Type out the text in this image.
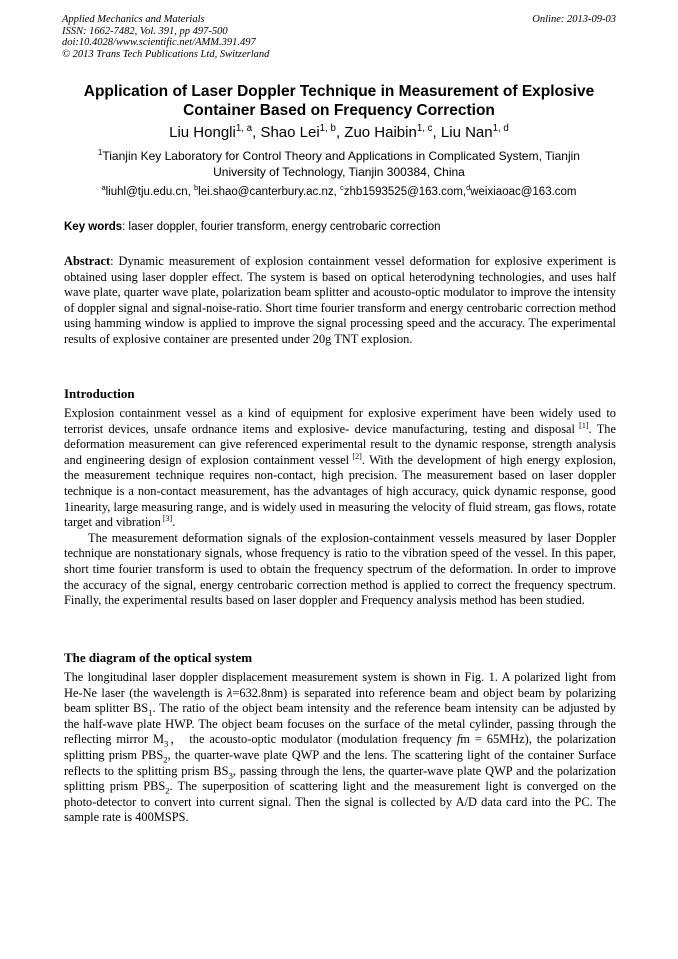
Applied Mechanics and Materials
ISSN: 1662-7482, Vol. 391, pp 497-500
doi:10.4028/www.scientific.net/AMM.391.497
© 2013 Trans Tech Publications Ltd, Switzerland
Online: 2013-09-03
Application of Laser Doppler Technique in Measurement of Explosive
Container Based on Frequency Correction
Liu Hongli$^{1, a}$, Shao Lei$^{1, b}$, Zuo Haibin$^{1, c}$, Liu Nan$^{1, d}$
$^1$Tianjin Key Laboratory for Control Theory and Applications in Complicated System, Tianjin
University of Technology, Tianjin 300384, China
$^a$liuhl@tju.edu.cn, $^b$lei.shao@canterbury.ac.nz, $^c$zhb1593525@163.com,$^d$weixiaoac@163.com
Key words: laser doppler, fourier transform, energy centrobaric correction
Abstract: Dynamic measurement of explosion containment vessel deformation for explosive experiment is obtained using laser doppler effect. The system is based on optical heterodyning technologies, and uses half wave plate, quarter wave plate, polarization beam splitter and acousto-optic modulator to improve the intensity of doppler signal and signal-noise-ratio. Short time fourier transform and energy centrobaric correction method using hamming window is applied to improve the signal processing speed and the accuracy. The experimental results of explosive container are presented under 20g TNT explosion.
Introduction

Explosion containment vessel as a kind of equipment for explosive experiment have been widely used to terrorist devices, unsafe ordnance items and explosive- device manufacturing, testing and disposal [1]. The deformation measurement can give referenced experimental result to the dynamic response, strength analysis and engineering design of explosion containment vessel [2]. With the development of high energy explosion, the measurement technique requires non-contact, high precision. The measurement based on laser doppler technique is a non-contact measurement, has the advantages of high accuracy, quick dynamic response, good 1inearity, large measuring range, and is widely used in measuring the velocity of fluid stream, gas flows, rotate target and vibration [3].

The measurement deformation signals of the explosion-containment vessels measured by laser Doppler technique are nonstationary signals, whose frequency is ratio to the vibration speed of the vessel. In this paper, short time fourier transform is used to obtain the frequency spectrum of the deformation. In order to improve the accuracy of the signal, energy centrobaric correction method is applied to correct the frequency spectrum. Finally, the experimental results based on laser doppler and Frequency analysis method has been studied.

The diagram of the optical system

The longitudinal laser doppler displacement measurement system is shown in Fig. 1. A polarized light from He-Ne laser (the wavelength is λ=632.8nm) is separated into reference beam and object beam by polarizing beam splitter $BS_1$. The ratio of the object beam intensity and the reference beam intensity can be adjusted by the half-wave plate HWP. The object beam focuses on the surface of the metal cylinder, passing through the reflecting mirror $M_3$， the acousto-optic modulator (modulation frequency fm = 65MHz), the polarization splitting prism $PBS_2$, the quarter-wave plate QWP and the lens. The scattering light of the container Surface reflects to the splitting prism $BS_3$, passing through the lens, the quarter-wave plate QWP and the polarization splitting prism $PBS_2$. The superposition of scattering light and the measurement light is converged on the photo-detector to convert into current signal. Then the signal is collected by A/D data card into the PC. The sample rate is 400MSPS.
